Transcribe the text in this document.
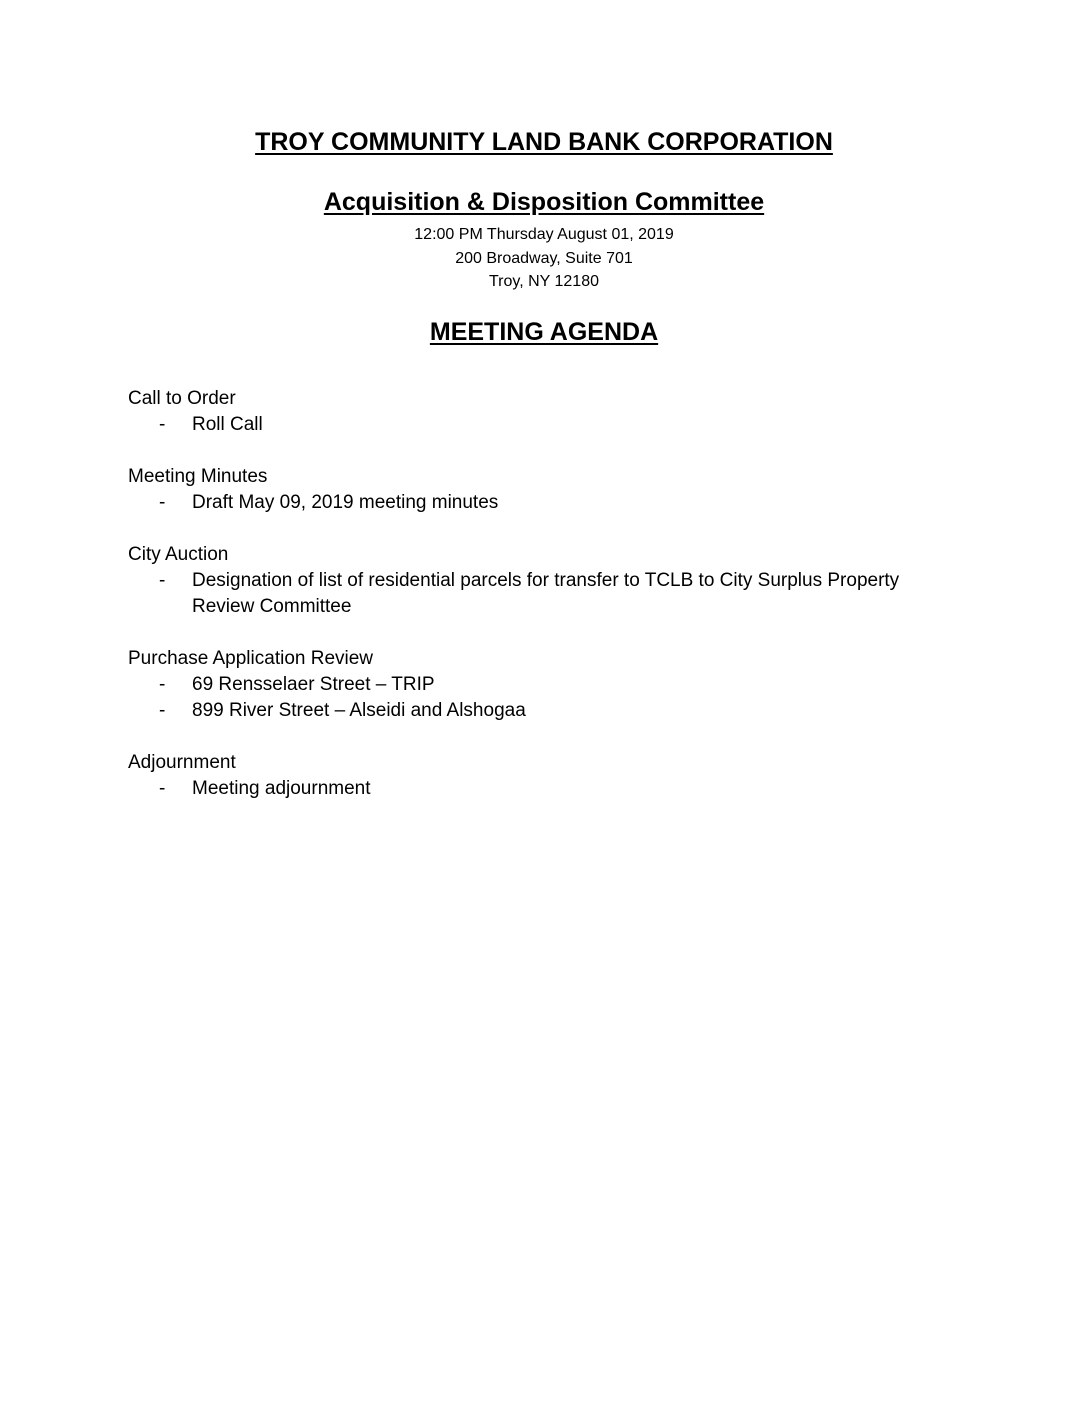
TROY COMMUNITY LAND BANK CORPORATION
Acquisition & Disposition Committee
12:00 PM Thursday August 01, 2019
200 Broadway, Suite 701
Troy, NY 12180
MEETING AGENDA
Call to Order
- Roll Call
Meeting Minutes
- Draft May 09, 2019 meeting minutes
City Auction
- Designation of list of residential parcels for transfer to TCLB to City Surplus Property Review Committee
Purchase Application Review
- 69 Rensselaer Street – TRIP
- 899 River Street – Alseidi and Alshogaa
Adjournment
- Meeting adjournment
